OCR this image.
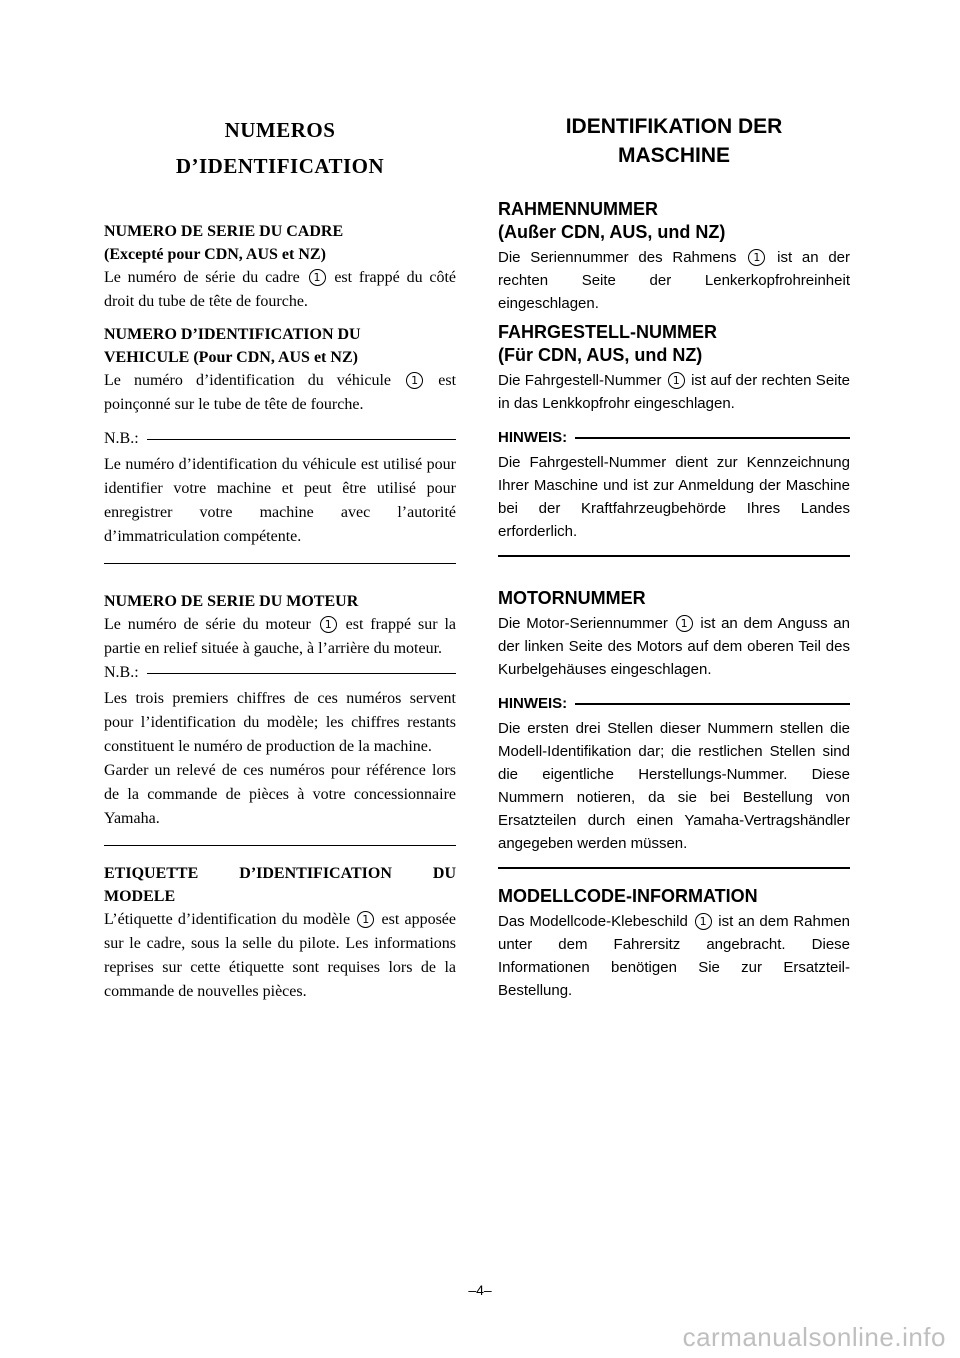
NUMEROS
D’IDENTIFICATION
NUMERO DE SERIE DU CADRE
(Excepté pour CDN, AUS et NZ)
Le numéro de série du cadre 1 est frappé du côté droit du tube de tête de fourche.
NUMERO D’IDENTIFICATION DU
VEHICULE (Pour CDN, AUS et NZ)
Le numéro d’identification du véhicule 1 est poinçonné sur le tube de tête de fourche.
N.B.:
Le numéro d’identification du véhicule est utilisé pour identifier votre machine et peut être utilisé pour enregistrer votre machine avec l’autorité d’immatriculation compétente.
NUMERO DE SERIE DU MOTEUR
Le numéro de série du moteur 1 est frappé sur la partie en relief située à gauche, à l’arrière du moteur.
N.B.:
Les trois premiers chiffres de ces numéros servent pour l’identification du modèle; les chiffres restants constituent le numéro de production de la machine.
Garder un relevé de ces numéros pour référence lors de la commande de pièces à votre concessionnaire Yamaha.
ETIQUETTE D’IDENTIFICATION DU MODELE
L’étiquette d’identification du modèle 1 est apposée sur le cadre, sous la selle du pilote. Les informations reprises sur cette étiquette sont requises lors de la commande de nouvelles pièces.
IDENTIFIKATION DER
MASCHINE
RAHMENNUMMER
(Außer CDN, AUS, und NZ)
Die Seriennummer des Rahmens 1 ist an der rechten Seite der Lenkerkopfrohreinheit eingeschlagen.
FAHRGESTELL-NUMMER
(Für CDN, AUS, und NZ)
Die Fahrgestell-Nummer 1 ist auf der rechten Seite in das Lenkkopfrohr eingeschlagen.
HINWEIS:
Die Fahrgestell-Nummer dient zur Kennzeichnung Ihrer Maschine und ist zur Anmeldung der Maschine bei der Kraftfahrzeugbehörde Ihres Landes erforderlich.
MOTORNUMMER
Die Motor-Seriennummer 1 ist an dem Anguss an der linken Seite des Motors auf dem oberen Teil des Kurbelgehäuses eingeschlagen.
HINWEIS:
Die ersten drei Stellen dieser Nummern stellen die Modell-Identifikation dar; die restlichen Stellen sind die eigentliche Herstellungs-Nummer. Diese Nummern notieren, da sie bei Bestellung von Ersatzteilen durch einen Yamaha-Vertragshändler angegeben werden müssen.
MODELLCODE-INFORMATION
Das Modellcode-Klebeschild 1 ist an dem Rahmen unter dem Fahrersitz angebracht. Diese Informationen benötigen Sie zur Ersatzteil-Bestellung.
–4–
carmanualsonline.info
